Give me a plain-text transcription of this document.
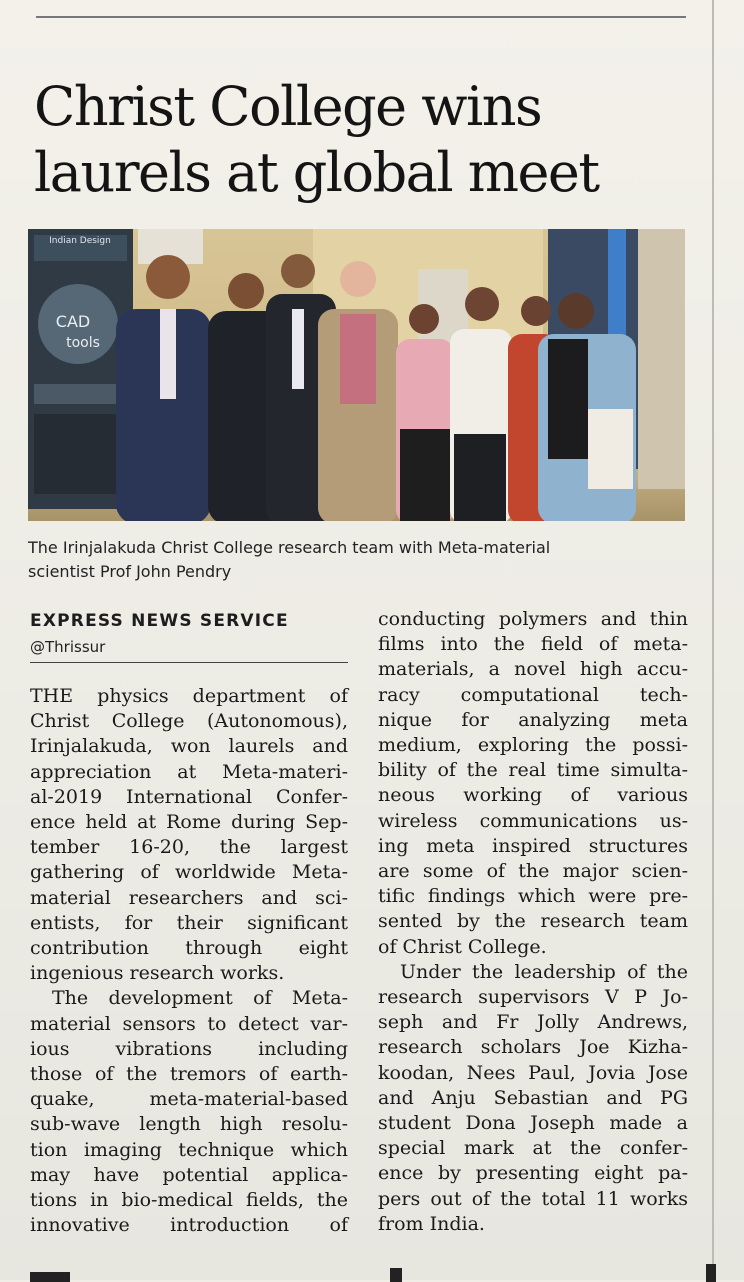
Christ College wins
laurels at global meet
Indian Design
CAD
tools
The Irinjalakuda Christ College research team with Meta-material
scientist Prof John Pendry
EXPRESS NEWS SERVICE
@Thrissur

THE physics department of
Christ College (Autonomous),
Irinjalakuda, won laurels and
appreciation at Meta-materi-
al-2019 International Confer-
ence held at Rome during Sep-
tember 16-20, the largest
gathering of worldwide Meta-
material researchers and sci-
entists, for their significant
contribution through eight
ingenious research works.

The development of Meta-
material sensors to detect var-
ious vibrations including
those of the tremors of earth-
quake, meta-material-based
sub-wave length high resolu-
tion imaging technique which
may have potential applica-
tions in bio-medical fields, the
innovative introduction of

conducting polymers and thin
films into the field of meta-
materials, a novel high accu-
racy computational tech-
nique for analyzing meta
medium, exploring the possi-
bility of the real time simulta-
neous working of various
wireless communications us-
ing meta inspired structures
are some of the major scien-
tific findings which were pre-
sented by the research team
of Christ College.

Under the leadership of the
research supervisors V P Jo-
seph and Fr Jolly Andrews,
research scholars Joe Kizha-
koodan, Nees Paul, Jovia Jose
and Anju Sebastian and PG
student Dona Joseph made a
special mark at the confer-
ence by presenting eight pa-
pers out of the total 11 works
from India.
